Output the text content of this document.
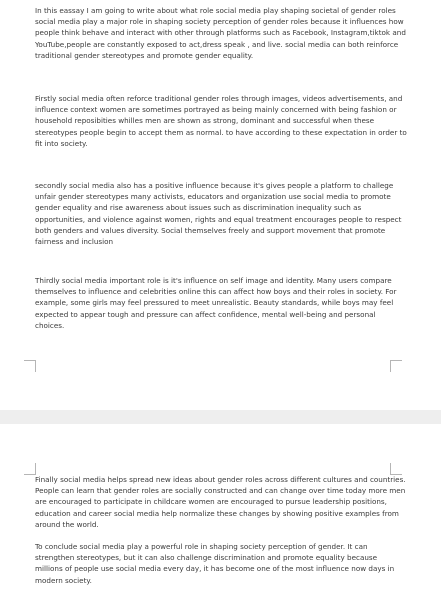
In this eassay I am going to write about what role social media play shaping societal of gender roles social media play a major role in shaping society perception of gender roles because it influences how people think behave and interact with other through platforms such as Facebook, Instagram,tiktok and YouTube,people are constantly exposed to act,dress speak , and live. social media can both reinforce traditional gender stereotypes and promote gender equality.

Firstly social media often reforce traditional gender roles through images, videos advertisements, and influence context women are sometimes portrayed as being mainly concerned with being fashion or household reposibities whilles men are shown as strong, dominant and successful when these stereotypes people begin to accept them as normal. to have according to these expectation in order to fit into society.

secondly social media also has a positive influence because it's gives people a platform to challege unfair gender stereotypes many activists, educators and organization use social media to promote gender equality and rise awareness about issues such as discrimination inequality such as opportunities, and violence against women, rights and equal treatment encourages people to respect both genders and values diversity. Social themselves freely and support movement that promote fairness and inclusion

Thirdly social media important role is it's influence on self image and identity. Many users compare themselves to influence and celebrities online this can affect how boys and their roles in society. For example, some girls may feel pressured to meet unrealistic. Beauty standards, while boys may feel expected to appear tough and pressure can affect confidence, mental well-being and personal choices.

Finally social media helps spread new ideas about gender roles across different cultures and countries. People can learn that gender roles are socially constructed and can change over time today more men are encouraged to participate in childcare women are encouraged to pursue leadership positions, education and career social media help normalize these changes by showing positive examples from around the world.

To conclude social media play a powerful role in shaping society perception of gender. It can strengthen stereotypes, but it can also challenge discrimination and promote equality because millions of people use social media every day, it has become one of the most influence now days in modern society.
